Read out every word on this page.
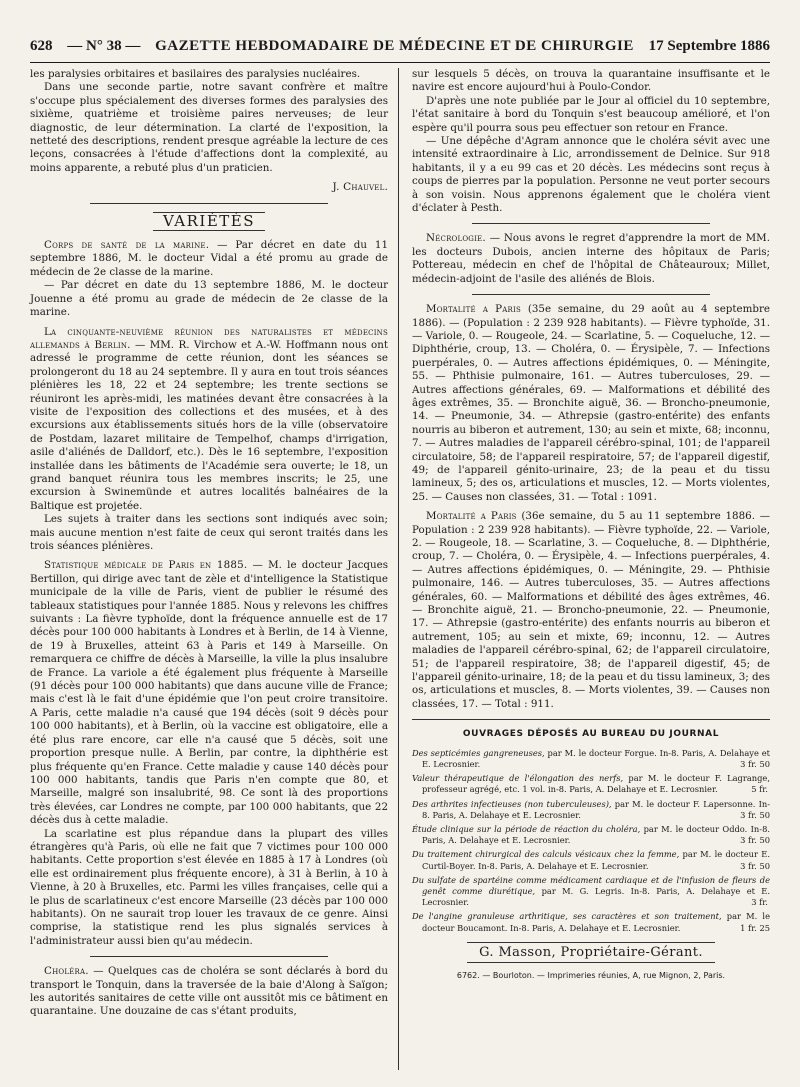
628 — N° 38 — GAZETTE HEBDOMADAIRE DE MÉDECINE ET DE CHIRURGIE 17 Septembre 1886

les paralysies orbitaires et basilaires des paralysies nucléaires.

Dans une seconde partie, notre savant confrère et maître s'occupe plus spécialement des diverses formes des paralysies des sixième, quatrième et troisième paires nerveuses; de leur diagnostic, de leur détermination. La clarté de l'exposition, la netteté des descriptions, rendent presque agréable la lecture de ces leçons, consacrées à l'étude d'affections dont la complexité, au moins apparente, a rebuté plus d'un praticien.

J. Chauvel.
VARIÉTÉS

Corps de santé de la marine. — Par décret en date du 11 septembre 1886, M. le docteur Vidal a été promu au grade de médecin de 2e classe de la marine.

— Par décret en date du 13 septembre 1886, M. le docteur Jouenne a été promu au grade de médecin de 2e classe de la marine.

La cinquante-neuvième réunion des naturalistes et médecins allemands à Berlin. — MM. R. Virchow et A.-W. Hoffmann nous ont adressé le programme de cette réunion, dont les séances se prolongeront du 18 au 24 septembre. Il y aura en tout trois séances plénières les 18, 22 et 24 septembre; les trente sections se réuniront les après-midi, les matinées devant être consacrées à la visite de l'exposition des collections et des musées, et à des excursions aux établissements situés hors de la ville (observatoire de Postdam, lazaret militaire de Tempelhof, champs d'irrigation, asile d'aliénés de Dalldorf, etc.). Dès le 16 septembre, l'exposition installée dans les bâtiments de l'Académie sera ouverte; le 18, un grand banquet réunira tous les membres inscrits; le 25, une excursion à Swinemünde et autres localités balnéaires de la Baltique est projetée.

Les sujets à traiter dans les sections sont indiqués avec soin; mais aucune mention n'est faite de ceux qui seront traités dans les trois séances plénières.

Statistique médicale de Paris en 1885. — M. le docteur Jacques Bertillon, qui dirige avec tant de zèle et d'intelligence la Statistique municipale de la ville de Paris, vient de publier le résumé des tableaux statistiques pour l'année 1885. Nous y relevons les chiffres suivants : La fièvre typhoïde, dont la fréquence annuelle est de 17 décès pour 100 000 habitants à Londres et à Berlin, de 14 à Vienne, de 19 à Bruxelles, atteint 63 à Paris et 149 à Marseille. On remarquera ce chiffre de décès à Marseille, la ville la plus insalubre de France. La variole a été également plus fréquente à Marseille (91 décès pour 100 000 habitants) que dans aucune ville de France; mais c'est là le fait d'une épidémie que l'on peut croire transitoire. A Paris, cette maladie n'a causé que 194 décès (soit 9 décès pour 100 000 habitants), et à Berlin, où la vaccine est obligatoire, elle a été plus rare encore, car elle n'a causé que 5 décès, soit une proportion presque nulle. A Berlin, par contre, la diphthérie est plus fréquente qu'en France. Cette maladie y cause 140 décès pour 100 000 habitants, tandis que Paris n'en compte que 80, et Marseille, malgré son insalubrité, 98. Ce sont là des proportions très élevées, car Londres ne compte, par 100 000 habitants, que 22 décès dus à cette maladie.

La scarlatine est plus répandue dans la plupart des villes étrangères qu'à Paris, où elle ne fait que 7 victimes pour 100 000 habitants. Cette proportion s'est élevée en 1885 à 17 à Londres (où elle est ordinairement plus fréquente encore), à 31 à Berlin, à 10 à Vienne, à 20 à Bruxelles, etc. Parmi les villes françaises, celle qui a le plus de scarlatineux c'est encore Marseille (23 décès par 100 000 habitants). On ne saurait trop louer les travaux de ce genre. Ainsi comprise, la statistique rend les plus signalés services à l'administrateur aussi bien qu'au médecin.

Choléra. — Quelques cas de choléra se sont déclarés à bord du transport le Tonquin, dans la traversée de la baie d'Along à Saïgon; les autorités sanitaires de cette ville ont aussitôt mis ce bâtiment en quarantaine. Une douzaine de cas s'étant produits,

sur lesquels 5 décès, on trouva la quarantaine insuffisante et le navire est encore aujourd'hui à Poulo-Condor.

D'après une note publiée par le Jour al officiel du 10 septembre, l'état sanitaire à bord du Tonquin s'est beaucoup amélioré, et l'on espère qu'il pourra sous peu effectuer son retour en France.

— Une dépêche d'Agram annonce que le choléra sévit avec une intensité extraordinaire à Lic, arrondissement de Delnice. Sur 918 habitants, il y a eu 99 cas et 20 décès. Les médecins sont reçus à coups de pierres par la population. Personne ne veut porter secours à son voisin. Nous apprenons également que le choléra vient d'éclater à Pesth.

Nécrologie. — Nous avons le regret d'apprendre la mort de MM. les docteurs Dubois, ancien interne des hôpitaux de Paris; Pottereau, médecin en chef de l'hôpital de Châteauroux; Millet, médecin-adjoint de l'asile des aliénés de Blois.

Mortalité a Paris (35e semaine, du 29 août au 4 septembre 1886). — (Population : 2 239 928 habitants). — Fièvre typhoïde, 31. — Variole, 0. — Rougeole, 24. — Scarlatine, 5. — Coqueluche, 12. — Diphthérie, croup, 13. — Choléra, 0. — Érysipèle, 7. — Infections puerpérales, 0. — Autres affections épidémiques, 0. — Méningite, 55. — Phthisie pulmonaire, 161. — Autres tuberculoses, 29. — Autres affections générales, 69. — Malformations et débilité des âges extrêmes, 35. — Bronchite aiguë, 36. — Broncho-pneumonie, 14. — Pneumonie, 34. — Athrepsie (gastro-entérite) des enfants nourris au biberon et autrement, 130; au sein et mixte, 68; inconnu, 7. — Autres maladies de l'appareil cérébro-spinal, 101; de l'appareil circulatoire, 58; de l'appareil respiratoire, 57; de l'appareil digestif, 49; de l'appareil génito-urinaire, 23; de la peau et du tissu lamineux, 5; des os, articulations et muscles, 12. — Morts violentes, 25. — Causes non classées, 31. — Total : 1091.

Mortalité a Paris (36e semaine, du 5 au 11 septembre 1886. — Population : 2 239 928 habitants). — Fièvre typhoïde, 22. — Variole, 2. — Rougeole, 18. — Scarlatine, 3. — Coqueluche, 8. — Diphthérie, croup, 7. — Choléra, 0. — Érysipèle, 4. — Infections puerpérales, 4. — Autres affections épidémiques, 0. — Méningite, 29. — Phthisie pulmonaire, 146. — Autres tuberculoses, 35. — Autres affections générales, 60. — Malformations et débilité des âges extrêmes, 46. — Bronchite aiguë, 21. — Broncho-pneumonie, 22. — Pneumonie, 17. — Athrepsie (gastro-entérite) des enfants nourris au biberon et autrement, 105; au sein et mixte, 69; inconnu, 12. — Autres maladies de l'appareil cérébro-spinal, 62; de l'appareil circulatoire, 51; de l'appareil respiratoire, 38; de l'appareil digestif, 45; de l'appareil génito-urinaire, 18; de la peau et du tissu lamineux, 3; des os, articulations et muscles, 8. — Morts violentes, 39. — Causes non classées, 17. — Total : 911.

OUVRAGES DÉPOSÉS AU BUREAU DU JOURNAL

Des septicémies gangreneuses, par M. le docteur Forgue. In-8. Paris, A. Delahaye et E. Lecrosnier.	3 fr. 50

Valeur thérapeutique de l'élongation des nerfs, par M. le docteur F. Lagrange, professeur agrégé, etc. 1 vol. in-8. Paris, A. Delahaye et E. Lecrosnier.	5 fr.

Des arthrites infectieuses (non tuberculeuses), par M. le docteur F. Lapersonne. In-8. Paris, A. Delahaye et E. Lecrosnier.	3 fr. 50

Étude clinique sur la période de réaction du choléra, par M. le docteur Oddo. In-8. Paris, A. Delahaye et E. Lecrosnier.	3 fr. 50

Du traitement chirurgical des calculs vésicaux chez la femme, par M. le docteur E. Curtil-Boyer. In-8. Paris, A. Delahaye et E. Lecrosnier.	3 fr. 50

Du sulfate de spartéine comme médicament cardiaque et de l'infusion de fleurs de genêt comme diurétique, par M. G. Legris. In-8. Paris, A. Delahaye et E. Lecrosnier.	3 fr.

De l'angine granuleuse arthritique, ses caractères et son traitement, par M. le docteur Boucamont. In-8. Paris, A. Delahaye et E. Lecrosnier.	1 fr. 25

G. Masson, Propriétaire-Gérant.
6762. — Bourloton. — Imprimeries réunies, A, rue Mignon, 2, Paris.
